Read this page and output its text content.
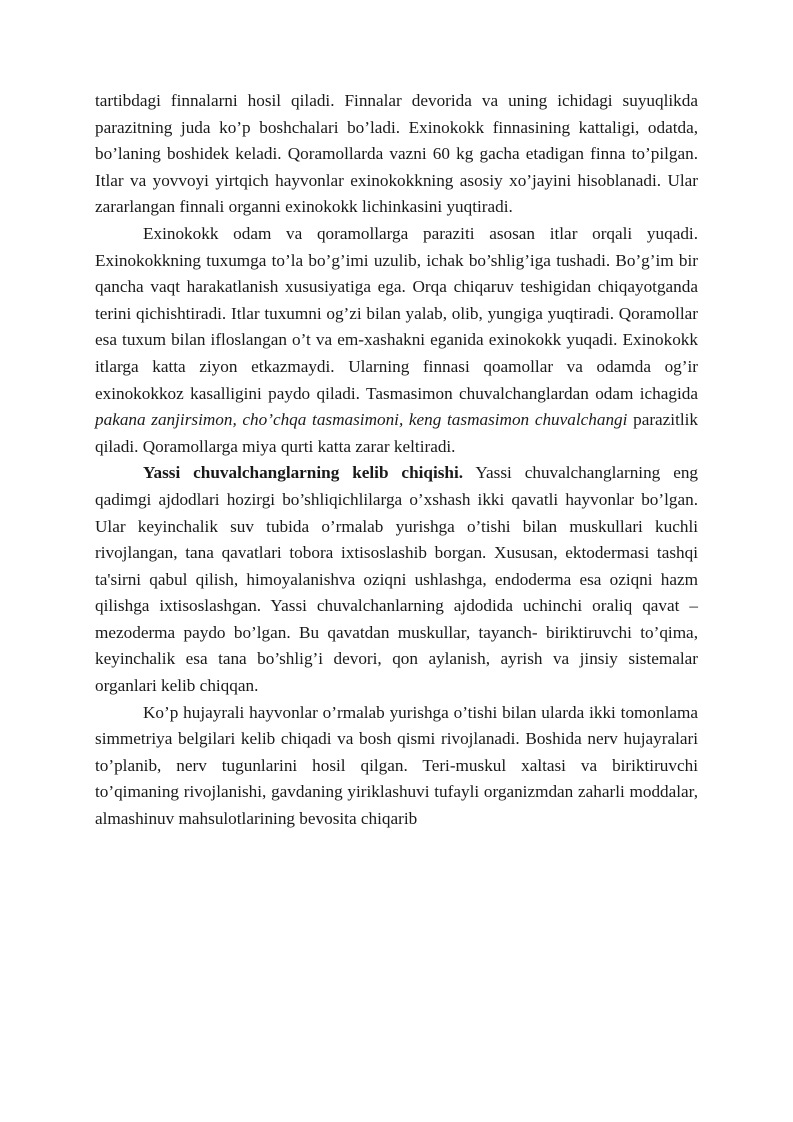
tartibdagi finnalarni hosil qiladi. Finnalar devorida va uning ichidagi suyuqlikda parazitning juda ko’p boshchalari bo’ladi. Exinokokk finnasining kattaligi, odatda, bo’laning boshidek keladi. Qoramollarda vazni 60 kg gacha etadigan finna to’pilgan. Itlar va yovvoyi yirtqich hayvonlar exinokokkning asosiy xo’jayini hisoblanadi. Ular zararlangan finnali organni exinokokk lichinkasini yuqtiradi.

Exinokokk odam va qoramollarga paraziti asosan itlar orqali yuqadi. Exinokokkning tuxumga to’la bo’g’imi uzulib, ichak bo’shlig’iga tushadi. Bo’g’im bir qancha vaqt harakatlanish xususiyatiga ega. Orqa chiqaruv teshigidan chiqayotganda terini qichishtiradi. Itlar tuxumni og’zi bilan yalab, olib, yungiga yuqtiradi. Qoramollar esa tuxum bilan ifloslangan o’t va em-xashakni eganida exinokokk yuqadi. Exinokokk itlarga katta ziyon etkazmaydi. Ularning finnasi qoamollar va odamda og’ir exinokokkoz kasalligini paydo qiladi. Tasmasimon chuvalchanglardan odam ichagida pakana zanjirsimon, cho’chqa tasmasimoni, keng tasmasimon chuvalchangi parazitlik qiladi. Qoramollarga miya qurti katta zarar keltiradi.

Yassi chuvalchanglarning kelib chiqishi. Yassi chuvalchanglarning eng qadimgi ajdodlari hozirgi bo’shliqichlilarga o’xshash ikki qavatli hayvonlar bo’lgan. Ular keyinchalik suv tubida o’rmalab yurishga o’tishi bilan muskullari kuchli rivojlangan, tana qavatlari tobora ixtisoslashib borgan. Xususan, ektodermasi tashqi ta'sirni qabul qilish, himoyalanishva oziqni ushlashga, endoderma esa oziqni hazm qilishga ixtisoslashgan. Yassi chuvalchanlarning ajdodida uchinchi oraliq qavat – mezoderma paydo bo’lgan. Bu qavatdan muskullar, tayanch- biriktiruvchi to’qima, keyinchalik esa tana bo’shlig’i devori, qon aylanish, ayrish va jinsiy sistemalar organlari kelib chiqqan.

Ko’p hujayrali hayvonlar o’rmalab yurishga o’tishi bilan ularda ikki tomonlama simmetriya belgilari kelib chiqadi va bosh qismi rivojlanadi. Boshida nerv hujayralari to’planib, nerv tugunlarini hosil qilgan. Teri-muskul xaltasi va biriktiruvchi to’qimaning rivojlanishi, gavdaning yiriklashuvi tufayli organizmdan zaharli moddalar, almashinuv mahsulotlarining bevosita chiqarib
